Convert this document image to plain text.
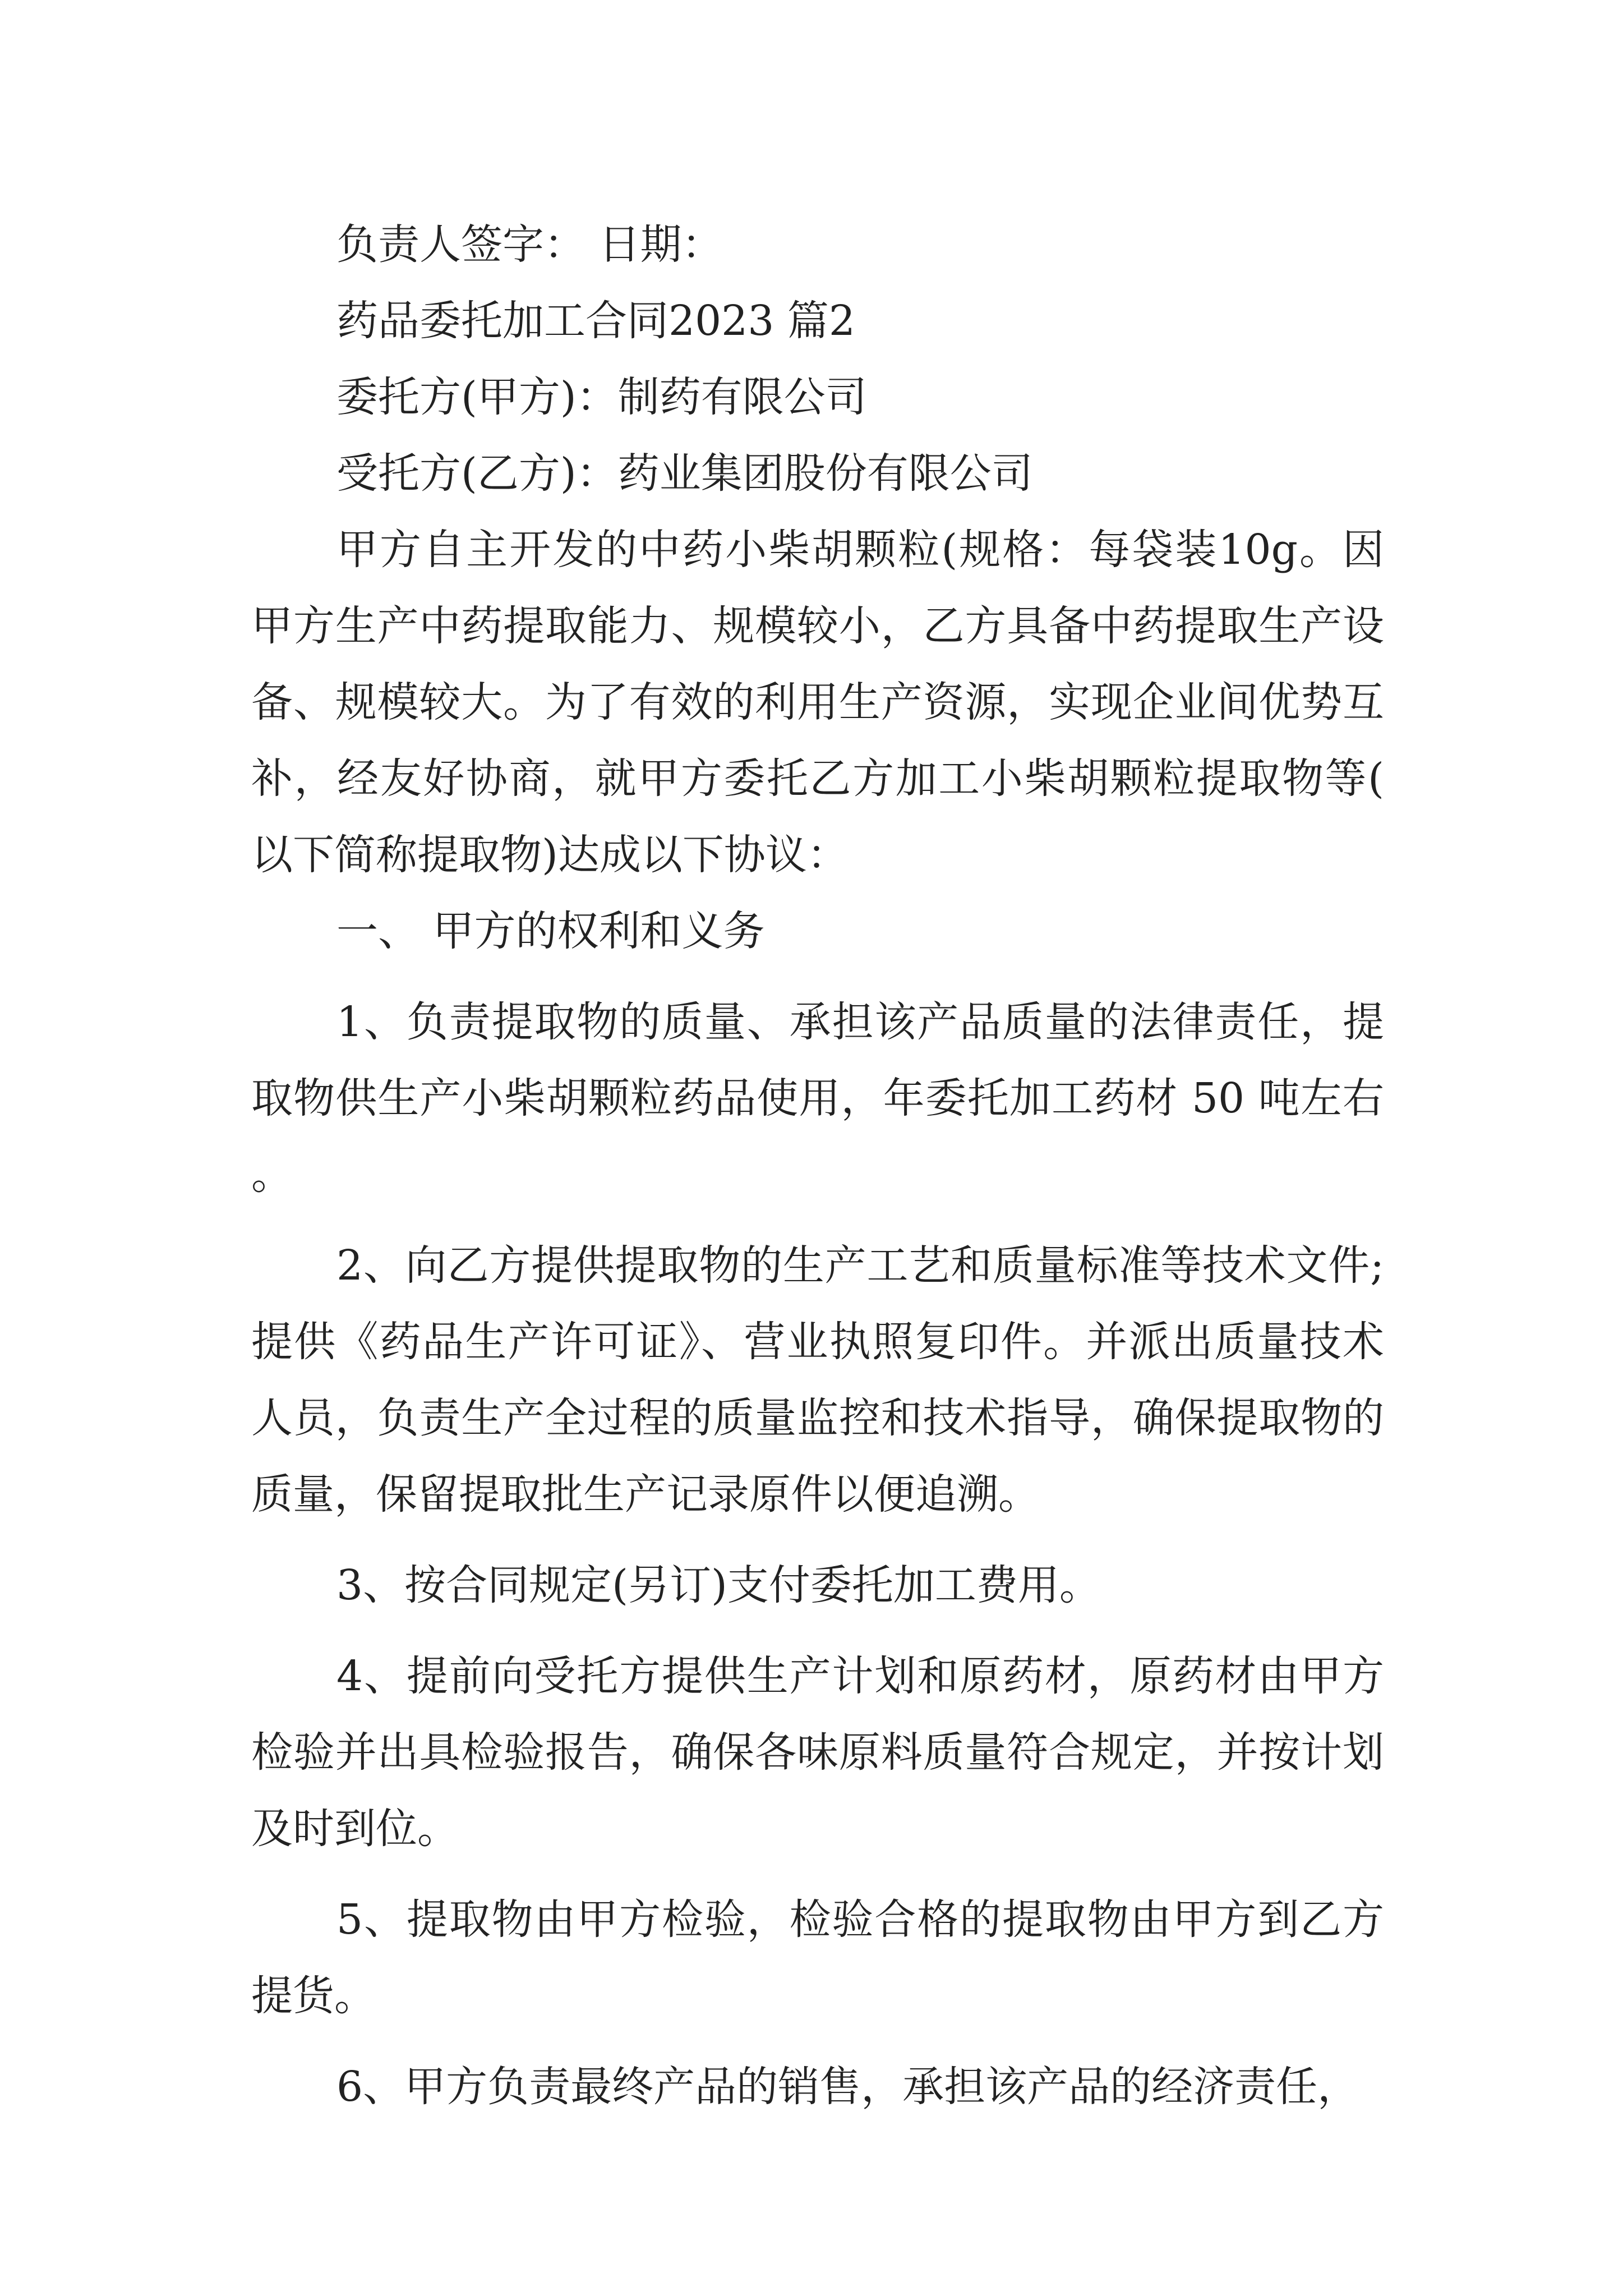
负责人签字： 日期：
药品委托加工合同2023 篇2
委托方(甲方)：制药有限公司
受托方(乙方)：药业集团股份有限公司
甲方自主开发的中药小柴胡颗粒(规格：每袋装10g。因甲方生产中药提取能力、规模较小，乙方具备中药提取生产设备、规模较大。为了有效的利用生产资源，实现企业间优势互补，经友好协商，就甲方委托乙方加工小柴胡颗粒提取物等(以下简称提取物)达成以下协议：
一、 甲方的权利和义务
1、负责提取物的质量、承担该产品质量的法律责任，提取物供生产小柴胡颗粒药品使用，年委托加工药材 50 吨左右。
2、向乙方提供提取物的生产工艺和质量标准等技术文件;提供《药品生产许可证》、营业执照复印件。并派出质量技术人员，负责生产全过程的质量监控和技术指导，确保提取物的质量，保留提取批生产记录原件以便追溯。
3、按合同规定(另订)支付委托加工费用。
4、提前向受托方提供生产计划和原药材，原药材由甲方检验并出具检验报告，确保各味原料质量符合规定，并按计划及时到位。
5、提取物由甲方检验，检验合格的提取物由甲方到乙方提货。
6、甲方负责最终产品的销售，承担该产品的经济责任，
